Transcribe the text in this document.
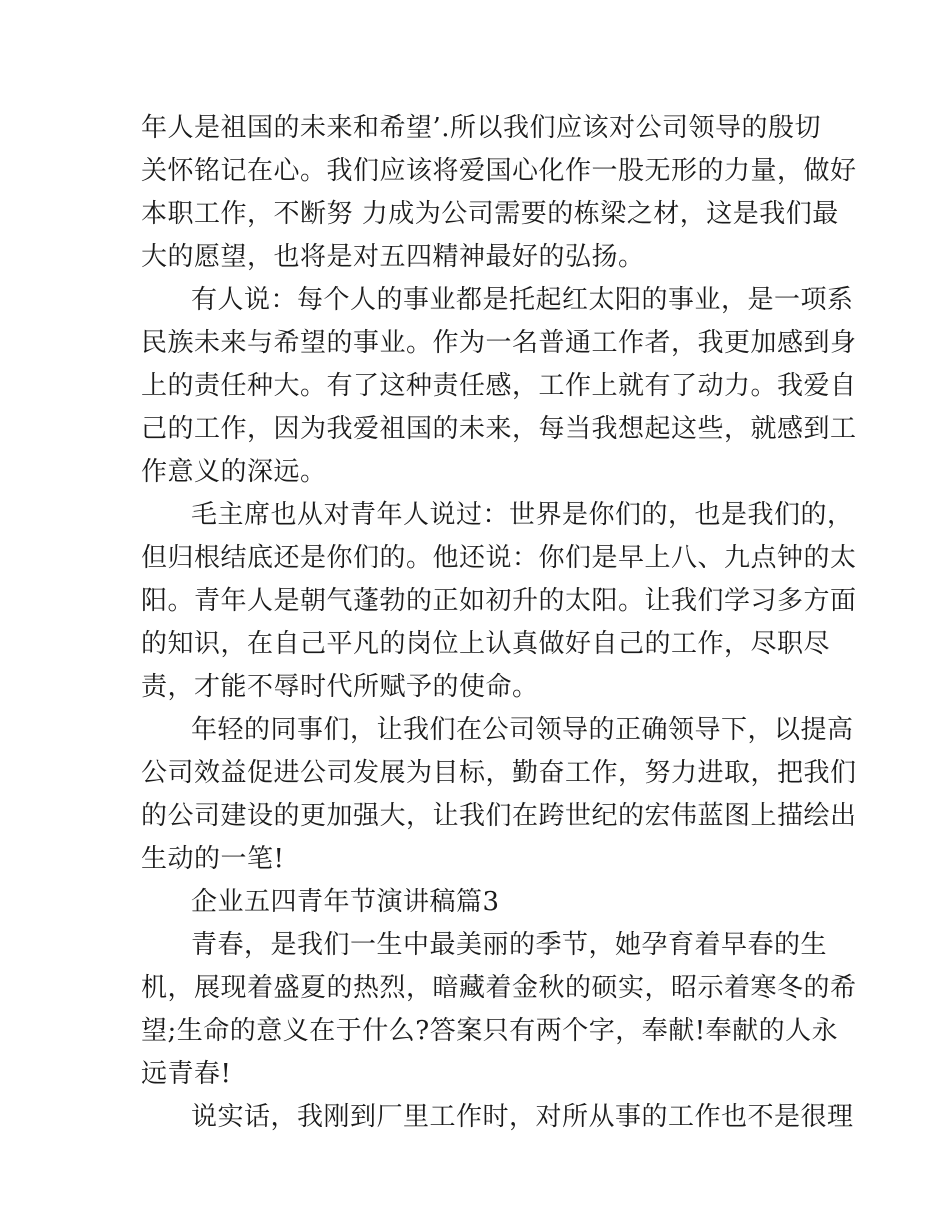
年人是祖国的未来和希望’.所以我们应该对公司领导的殷切
关怀铭记在心。我们应该将爱国心化作一股无形的力量，做好
本职工作，不断努 力成为公司需要的栋梁之材，这是我们最
大的愿望，也将是对五四精神最好的弘扬。
有人说：每个人的事业都是托起红太阳的事业，是一项系
民族未来与希望的事业。作为一名普通工作者，我更加感到身
上的责任种大。有了这种责任感，工作上就有了动力。我爱自
己的工作，因为我爱祖国的未来，每当我想起这些，就感到工
作意义的深远。
毛主席也从对青年人说过：世界是你们的，也是我们的，
但归根结底还是你们的。他还说：你们是早上八、九点钟的太
阳。青年人是朝气蓬勃的正如初升的太阳。让我们学习多方面
的知识，在自己平凡的岗位上认真做好自己的工作，尽职尽
责，才能不辱时代所赋予的使命。
年轻的同事们，让我们在公司领导的正确领导下，以提高
公司效益促进公司发展为目标，勤奋工作，努力进取，把我们
的公司建设的更加强大，让我们在跨世纪的宏伟蓝图上描绘出
生动的一笔!
企业五四青年节演讲稿篇3
青春，是我们一生中最美丽的季节，她孕育着早春的生
机，展现着盛夏的热烈，暗藏着金秋的硕实，昭示着寒冬的希
望;生命的意义在于什么?答案只有两个字，奉献!奉献的人永
远青春!
说实话，我刚到厂里工作时，对所从事的工作也不是很理
